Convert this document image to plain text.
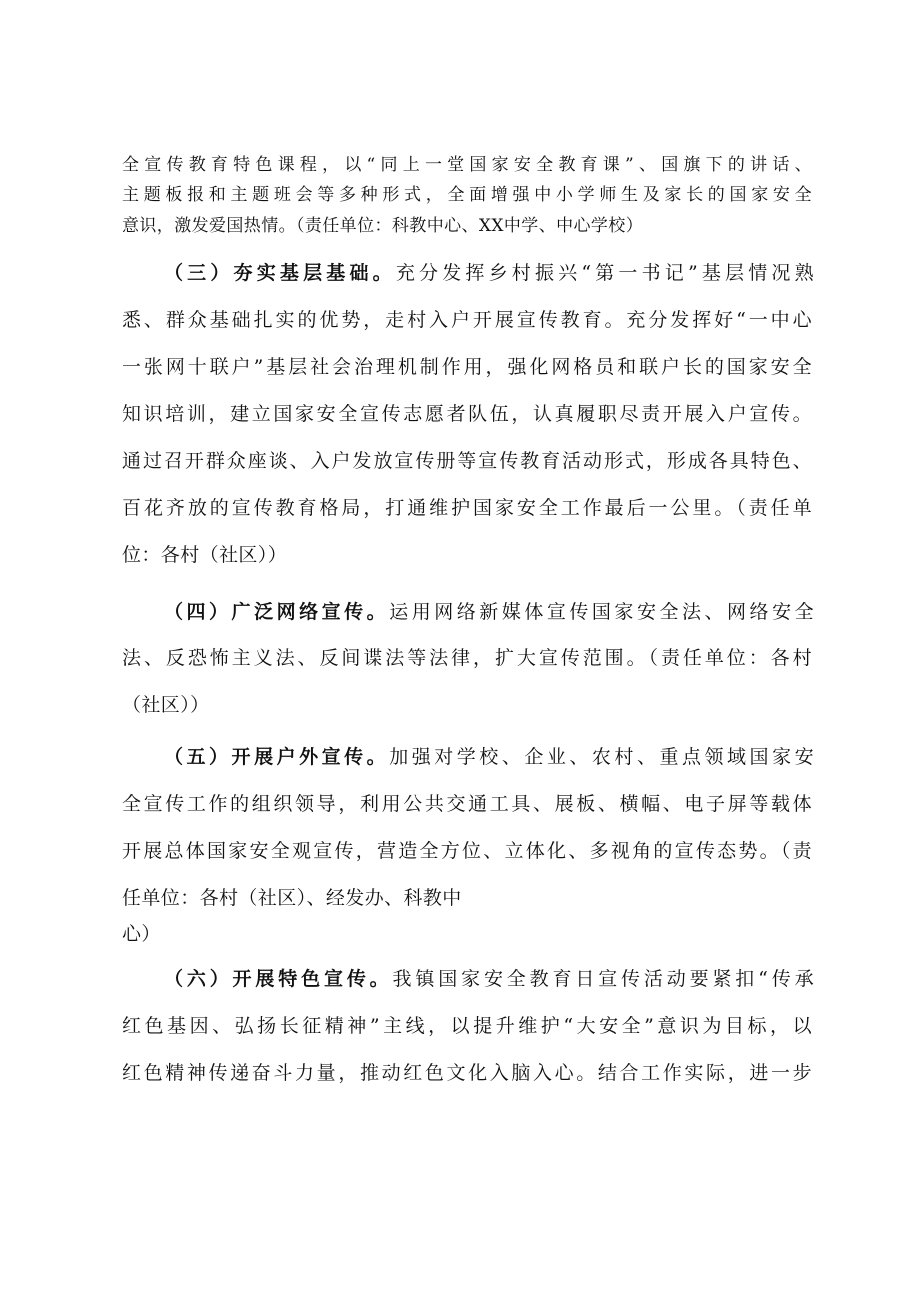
全宣传教育特色课程，以“同上一堂国家安全教育课”、国旗下的讲话、
主题板报和主题班会等多种形式，全面增强中小学师生及家长的国家安全
意识，激发爱国热情。（责任单位：科教中心、XX中学、中心学校）
（三）夯实基层基础。充分发挥乡村振兴“第一书记”基层情况熟
悉、群众基础扎实的优势，走村入户开展宣传教育。充分发挥好“一中心
一张网十联户”基层社会治理机制作用，强化网格员和联户长的国家安全
知识培训，建立国家安全宣传志愿者队伍，认真履职尽责开展入户宣传。
通过召开群众座谈、入户发放宣传册等宣传教育活动形式，形成各具特色、
百花齐放的宣传教育格局，打通维护国家安全工作最后一公里。（责任单
位：各村（社区））
（四）广泛网络宣传。运用网络新媒体宣传国家安全法、网络安全
法、反恐怖主义法、反间谍法等法律，扩大宣传范围。（责任单位：各村
（社区））
（五）开展户外宣传。加强对学校、企业、农村、重点领域国家安
全宣传工作的组织领导，利用公共交通工具、展板、横幅、电子屏等载体
开展总体国家安全观宣传，营造全方位、立体化、多视角的宣传态势。（责
任单位：各村（社区）、经发办、科教中
心）
（六）开展特色宣传。我镇国家安全教育日宣传活动要紧扣“传承
红色基因、弘扬长征精神”主线，以提升维护“大安全”意识为目标，以
红色精神传递奋斗力量，推动红色文化入脑入心。结合工作实际，进一步
